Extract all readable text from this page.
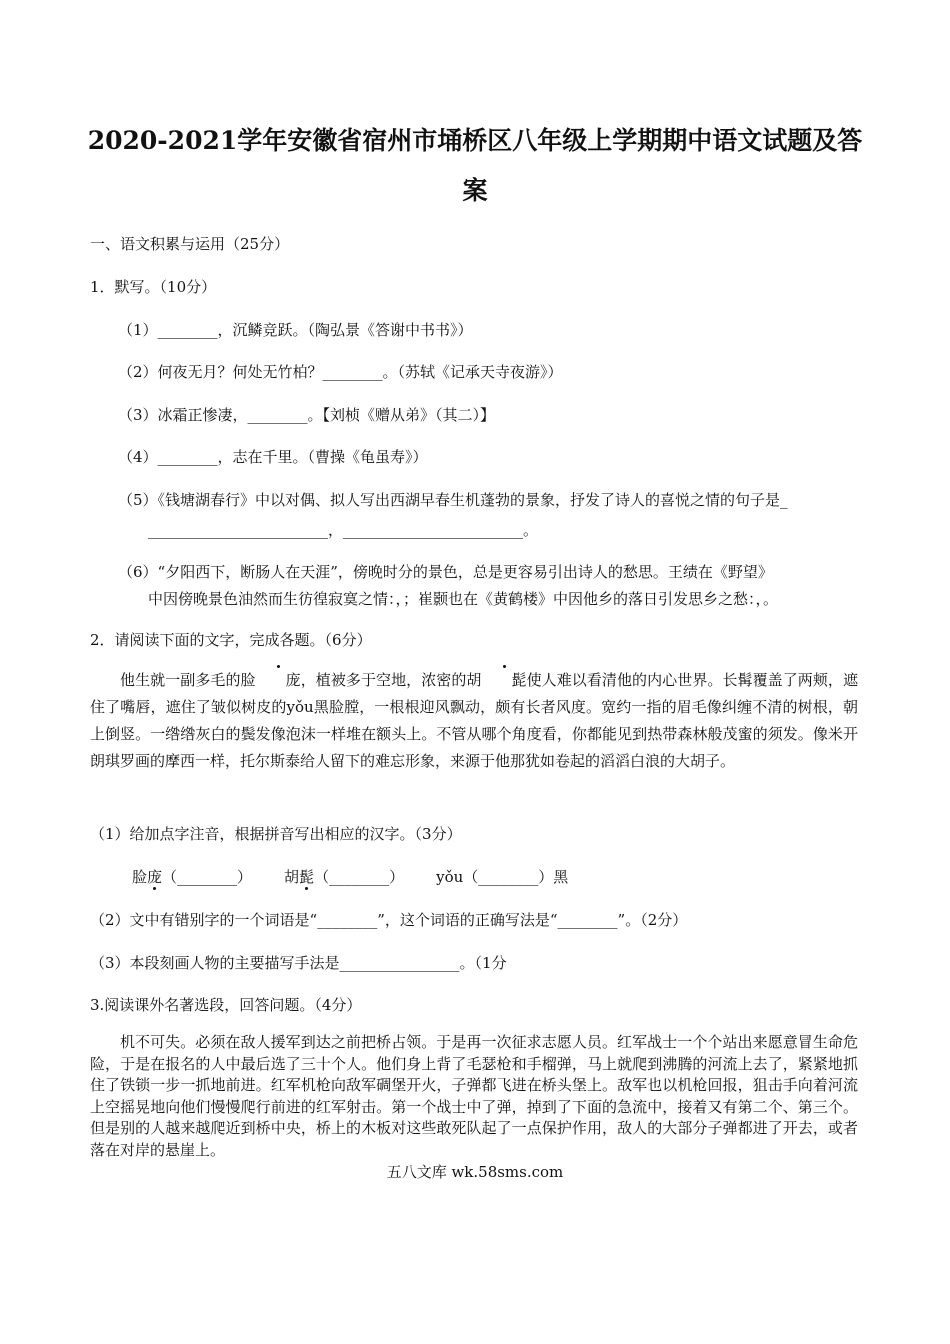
2020-2021学年安徽省宿州市埇桥区八年级上学期期中语文试题及答
案
一、语文积累与运用（25分）
1．默写。（10分）
（1）________，沉鳞竞跃。（陶弘景《答谢中书书》）
（2）何夜无月？何处无竹柏？________。（苏轼《记承天寺夜游》）
（3）冰霜正惨凄，________。【刘桢《赠从弟》（其二）】
（4）________，志在千里。（曹操《龟虽寿》）
（5）《钱塘湖春行》中以对偶、拟人写出西湖早春生机蓬勃的景象，抒发了诗人的喜悦之情的句子是_
________________________，________________________。
（6）“夕阳西下，断肠人在天涯”，傍晚时分的景色，总是更容易引出诗人的愁思。王绩在《野望》
中因傍晚景色油然而生彷徨寂寞之情：，；崔颢也在《黄鹤楼》中因他乡的落日引发思乡之愁：，。
2．请阅读下面的文字，完成各题。（6分）
他生就一副多毛的脸 庞，植被多于空地，浓密的胡 髭使人难以看清他的内心世界。长髯覆盖了两颊，遮住了嘴唇，遮住了皱似树皮的yǒu黑脸膛，一根根迎风飘动，颇有长者风度。宽约一指的眉毛像纠缠不清的树根，朝上倒竖。一绺绺灰白的鬓发像泡沫一样堆在额头上。不管从哪个角度看，你都能见到热带森林般茂蜜的须发。像米开朗琪罗画的摩西一样，托尔斯泰给人留下的难忘形象，来源于他那犹如卷起的滔滔白浪的大胡子。
（1）给加点字注音，根据拼音写出相应的汉字。（3分）
脸庞（________） 胡髭（________） yǒu（________）黑
（2）文中有错别字的一个词语是“________”，这个词语的正确写法是“________”。（2分）
（3）本段刻画人物的主要描写手法是________________。（1分
3.阅读课外名著选段，回答问题。（4分）
机不可失。必须在敌人援军到达之前把桥占领。于是再一次征求志愿人员。红军战士一个个站出来愿意冒生命危险，于是在报名的人中最后选了三十个人。他们身上背了毛瑟枪和手榴弹，马上就爬到沸腾的河流上去了，紧紧地抓住了铁锁一步一抓地前进。红军机枪向敌军碉堡开火，子弹都飞进在桥头堡上。敌军也以机枪回报，狙击手向着河流上空摇晃地向他们慢慢爬行前进的红军射击。第一个战士中了弹，掉到了下面的急流中，接着又有第二个、第三个。但是别的人越来越爬近到桥中央，桥上的木板对这些敢死队起了一点保护作用，敌人的大部分子弹都进了开去，或者落在对岸的悬崖上。
五八文库 wk.58sms.com
